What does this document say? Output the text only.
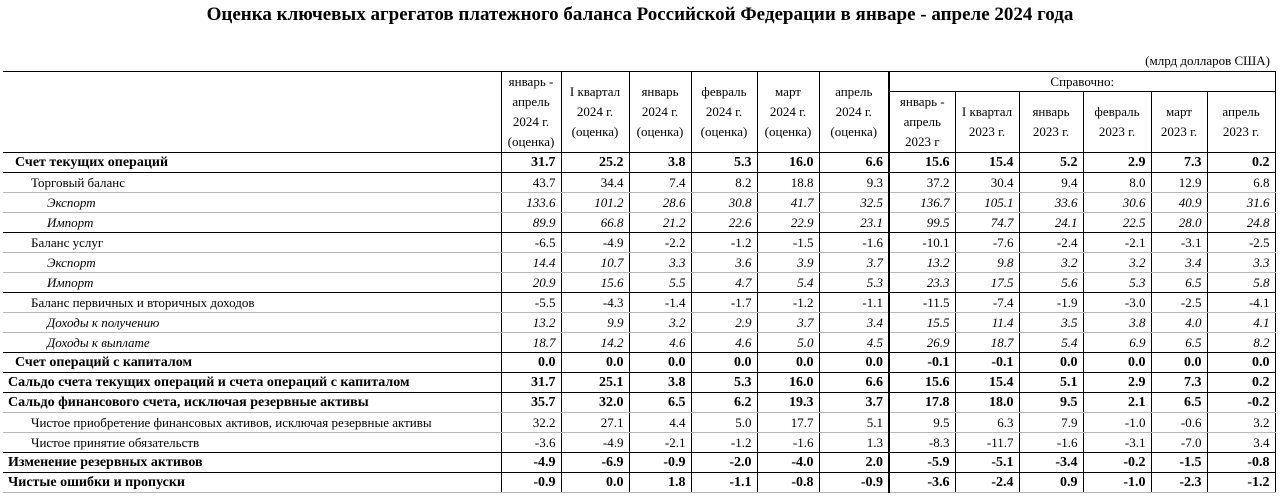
Оценка ключевых агрегатов платежного баланса Российской Федерации в январе - апреле 2024 года
(млрд долларов США)
	январь - апрель 2024 г. (оценка)	I квартал 2024 г. (оценка)	январь 2024 г. (оценка)	февраль 2024 г. (оценка)	март 2024 г. (оценка)	апрель 2024 г. (оценка)	Справочно:					
							январь - апрель 2023 г	I квартал 2023 г.	январь 2023 г.	февраль 2023 г.	март 2023 г.	апрель 2023 г.
Счет текущих операций	31.7	25.2	3.8	5.3	16.0	6.6	15.6	15.4	5.2	2.9	7.3	0.2
Торговый баланс	43.7	34.4	7.4	8.2	18.8	9.3	37.2	30.4	9.4	8.0	12.9	6.8
Экспорт	133.6	101.2	28.6	30.8	41.7	32.5	136.7	105.1	33.6	30.6	40.9	31.6
Импорт	89.9	66.8	21.2	22.6	22.9	23.1	99.5	74.7	24.1	22.5	28.0	24.8
Баланс услуг	-6.5	-4.9	-2.2	-1.2	-1.5	-1.6	-10.1	-7.6	-2.4	-2.1	-3.1	-2.5
Экспорт	14.4	10.7	3.3	3.6	3.9	3.7	13.2	9.8	3.2	3.2	3.4	3.3
Импорт	20.9	15.6	5.5	4.7	5.4	5.3	23.3	17.5	5.6	5.3	6.5	5.8
Баланс первичных и вторичных доходов	-5.5	-4.3	-1.4	-1.7	-1.2	-1.1	-11.5	-7.4	-1.9	-3.0	-2.5	-4.1
Доходы к получению	13.2	9.9	3.2	2.9	3.7	3.4	15.5	11.4	3.5	3.8	4.0	4.1
Доходы к выплате	18.7	14.2	4.6	4.6	5.0	4.5	26.9	18.7	5.4	6.9	6.5	8.2
Счет операций с капиталом	0.0	0.0	0.0	0.0	0.0	0.0	-0.1	-0.1	0.0	0.0	0.0	0.0
Сальдо счета текущих операций и счета операций с капиталом	31.7	25.1	3.8	5.3	16.0	6.6	15.6	15.4	5.1	2.9	7.3	0.2
Сальдо финансового счета, исключая резервные активы	35.7	32.0	6.5	6.2	19.3	3.7	17.8	18.0	9.5	2.1	6.5	-0.2
Чистое приобретение финансовых активов, исключая резервные активы	32.2	27.1	4.4	5.0	17.7	5.1	9.5	6.3	7.9	-1.0	-0.6	3.2
Чистое принятие обязательств	-3.6	-4.9	-2.1	-1.2	-1.6	1.3	-8.3	-11.7	-1.6	-3.1	-7.0	3.4
Изменение резервных активов	-4.9	-6.9	-0.9	-2.0	-4.0	2.0	-5.9	-5.1	-3.4	-0.2	-1.5	-0.8
Чистые ошибки и пропуски	-0.9	0.0	1.8	-1.1	-0.8	-0.9	-3.6	-2.4	0.9	-1.0	-2.3	-1.2
